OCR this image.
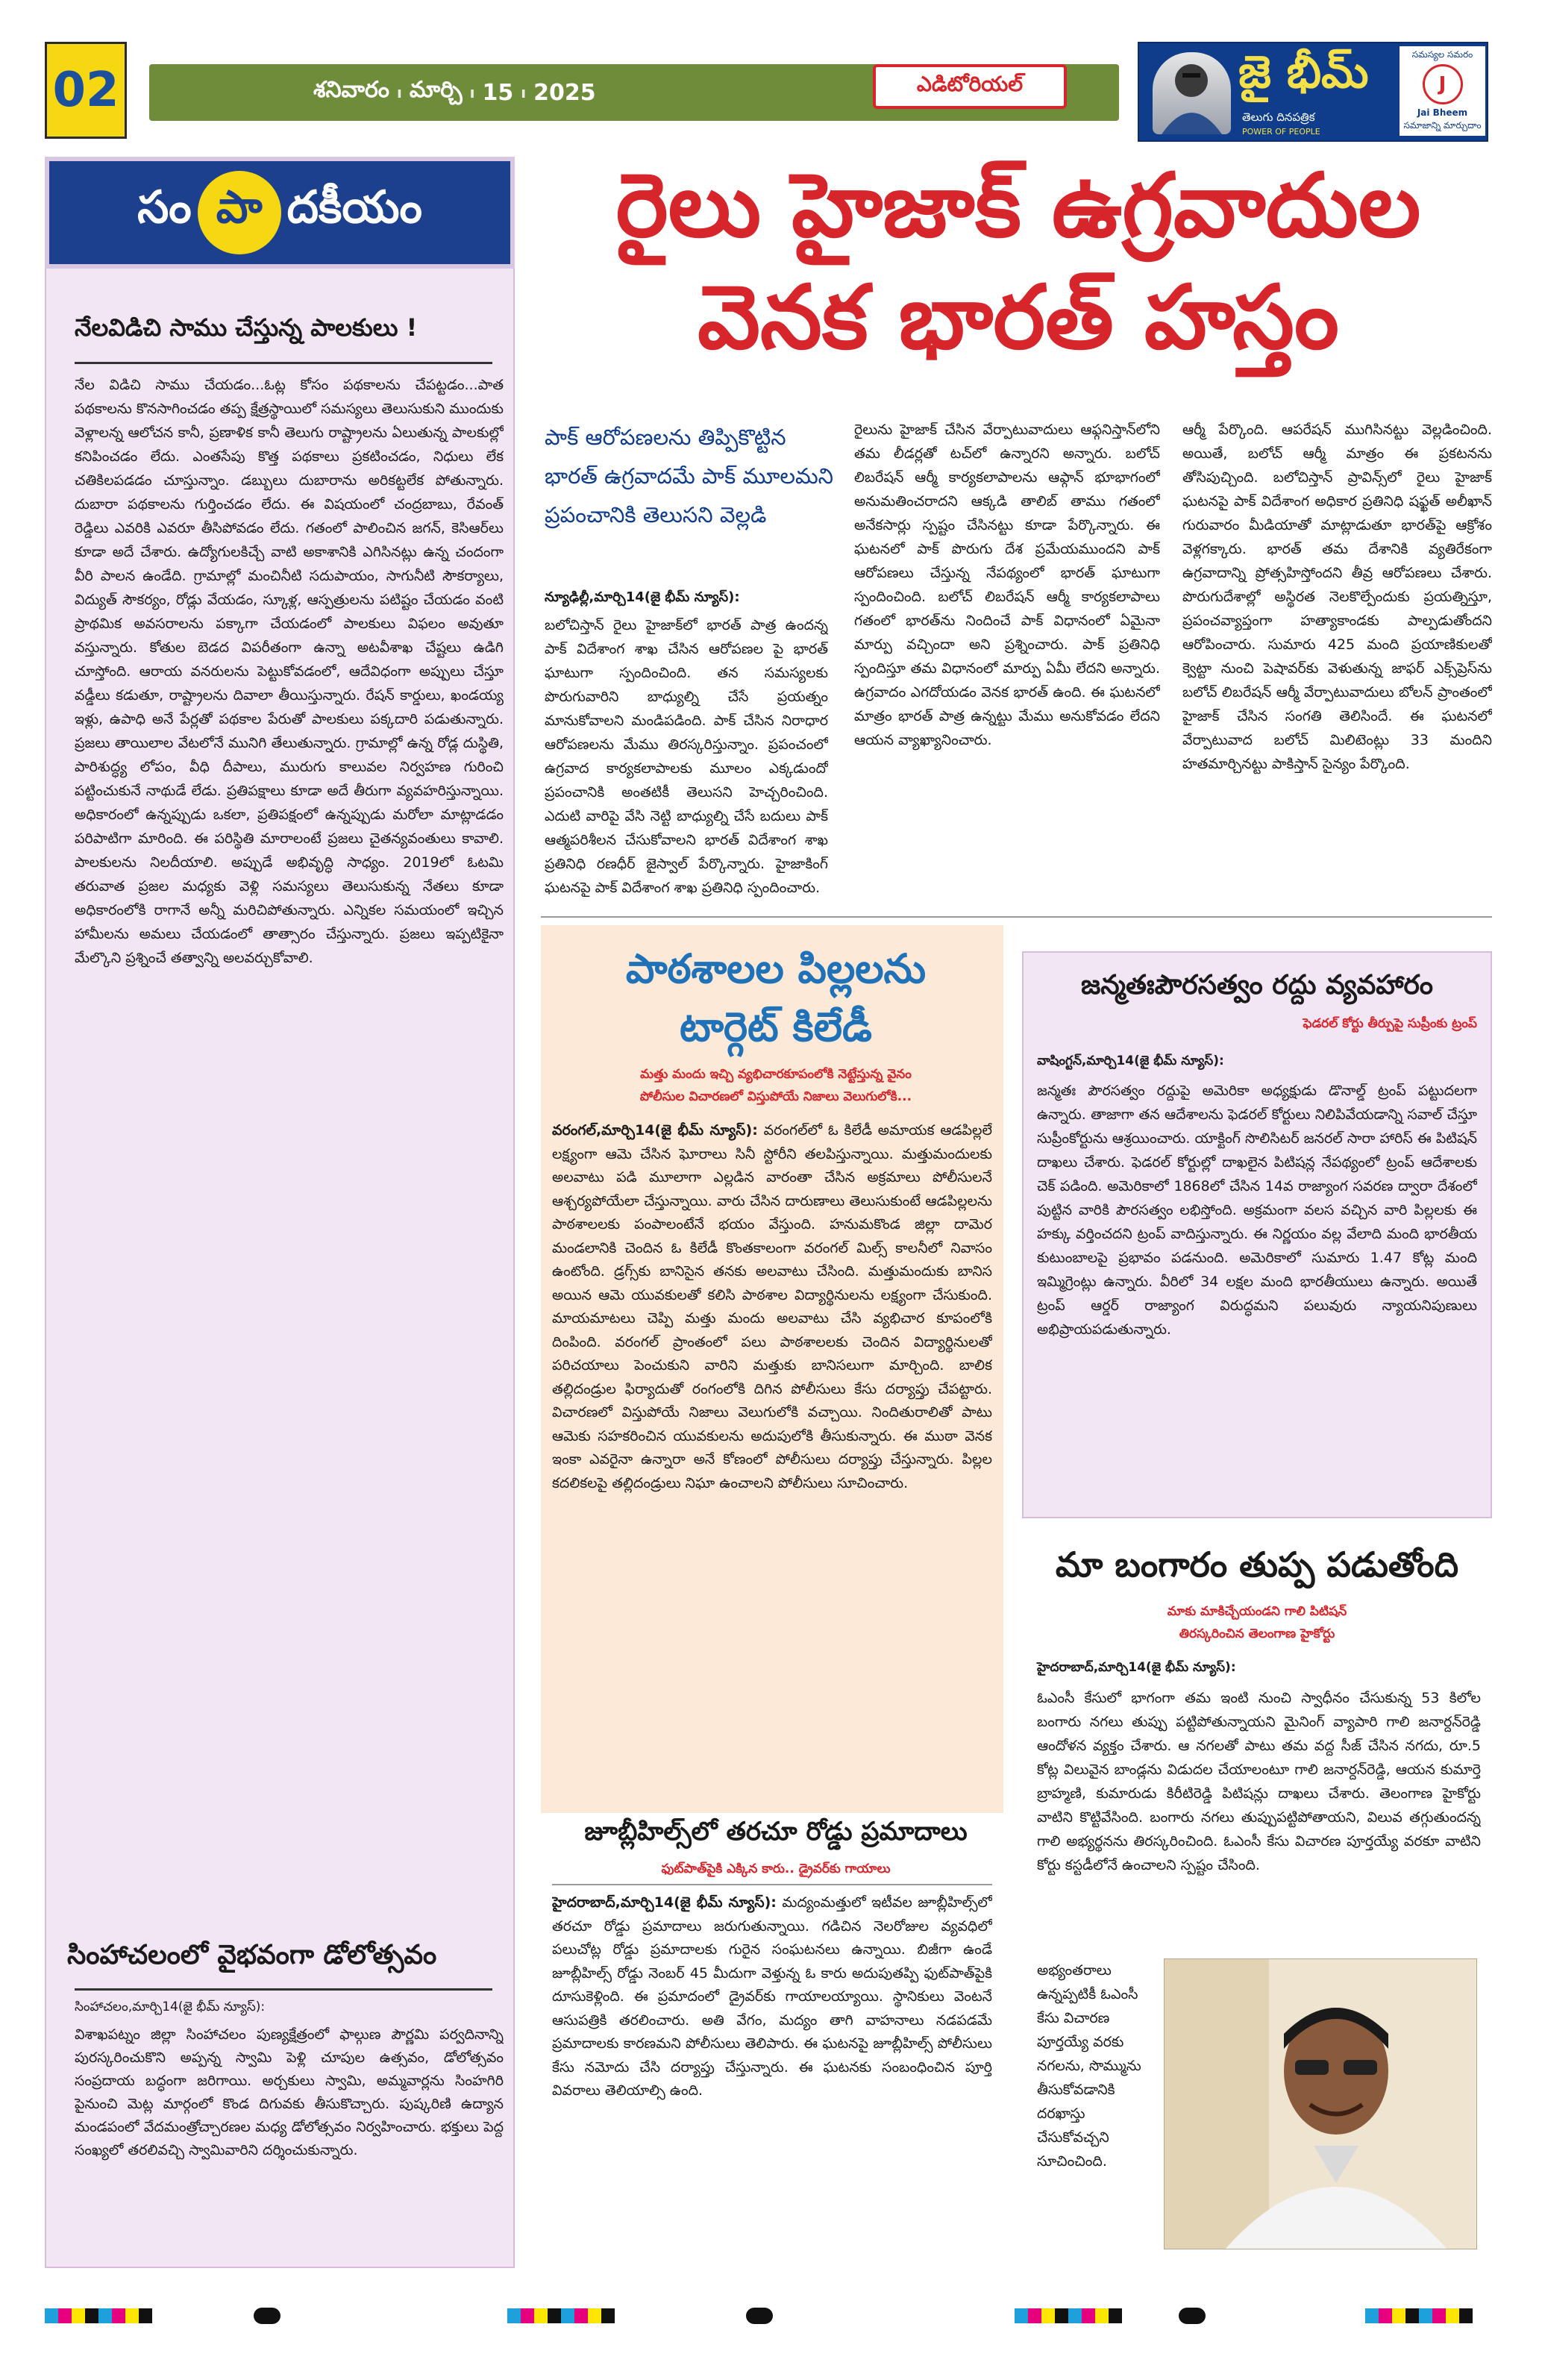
02	శనివారం ı మార్చి ı 15 ı 2025	ఎడిటోరియల్	జై భీమ్
తెలుగు దినపత్రిక
POWER OF PEOPLE
సమస్యల సమరం
J
Jai Bheem
సమాజాన్ని మార్చుదాం
సం పా దకీయం
నేలవిడిచి సాము చేస్తున్న పాలకులు !
నేల విడిచి సాము చేయడం...ఓట్ల కోసం పథకాలను చేపట్టడం...పాత పథకాలను కొనసాగించడం తప్ప క్షేత్రస్థాయిలో సమస్యలు తెలుసుకుని ముందుకు వెళ్లాలన్న ఆలోచన కానీ, ప్రణాళిక కానీ తెలుగు రాష్ట్రాలను ఏలుతున్న పాలకుల్లో కనిపించడం లేదు. ఎంతసేపు కొత్త పథకాలు ప్రకటించడం, నిధులు లేక చతికిలపడడం చూస్తున్నాం. డబ్బులు దుబారాను అరికట్టలేక పోతున్నారు. దుబారా పథకాలను గుర్తించడం లేదు. ఈ విషయంలో చంద్రబాబు, రేవంత్ రెడ్డిలు ఎవరికి ఎవరూ తీసిపోవడం లేదు. గతంలో పాలించిన జగన్, కెసిఆర్‌లు కూడా అదే చేశారు. ఉద్యోగులకిచ్చే వాటి అకాశానికి ఎగిసినట్లు ఉన్న చందంగా వీరి పాలన ఉండేది. గ్రామాల్లో మంచినీటి సదుపాయం, సాగునీటి సౌకర్యాలు, విద్యుత్ సౌకర్యం, రోడ్లు వేయడం, స్కూళ్ల, ఆస్పత్రులను పటిష్టం చేయడం వంటి ప్రాథమిక అవసరాలను పక్కాగా చేయడంలో పాలకులు విఫలం అవుతూ వస్తున్నారు. కోతుల బెడద విపరీతంగా ఉన్నా అటవీశాఖ చేష్టలు ఉడిగి చూస్తోంది. ఆరాయ వనరులను పెట్టుకోవడంలో, ఆదేవిధంగా అప్పులు చేస్తూ వడ్డీలు కడుతూ, రాష్ట్రాలను దివాలా తీయిస్తున్నారు. రేషన్ కార్డులు, ఖండయ్య ఇళ్లు, ఉపాధి అనే పేర్లతో పథకాల పేరుతో పాలకులు పక్కదారి పడుతున్నారు. ప్రజలు తాయిలాల వేటలోనే మునిగి తేలుతున్నారు. గ్రామాల్లో ఉన్న రోడ్ల దుస్థితి, పారిశుద్ధ్య లోపం, వీధి దీపాలు, మురుగు కాలువల నిర్వహణ గురించి పట్టించుకునే నాథుడే లేడు. ప్రతిపక్షాలు కూడా అదే తీరుగా వ్యవహరిస్తున్నాయి. అధికారంలో ఉన్నప్పుడు ఒకలా, ప్రతిపక్షంలో ఉన్నప్పుడు మరోలా మాట్లాడడం పరిపాటిగా మారింది. ఈ పరిస్థితి మారాలంటే ప్రజలు చైతన్యవంతులు కావాలి. పాలకులను నిలదీయాలి. అప్పుడే అభివృద్ధి సాధ్యం. 2019లో ఓటమి తరువాత ప్రజల మధ్యకు వెళ్లి సమస్యలు తెలుసుకున్న నేతలు కూడా అధికారంలోకి రాగానే అన్నీ మరిచిపోతున్నారు. ఎన్నికల సమయంలో ఇచ్చిన హామీలను అమలు చేయడంలో తాత్సారం చేస్తున్నారు. ప్రజలు ఇప్పటికైనా మేల్కొని ప్రశ్నించే తత్వాన్ని అలవర్చుకోవాలి.
సింహాచలంలో వైభవంగా డోలోత్సవం
సింహాచలం,మార్చి14(జై భీమ్ న్యూస్):
విశాఖపట్నం జిల్లా సింహాచలం పుణ్యక్షేత్రంలో ఫాల్గుణ పౌర్ణమి పర్వదినాన్ని పురస్కరించుకొని అప్పన్న స్వామి పెళ్లి చూపుల ఉత్సవం, డోలోత్సవం సంప్రదాయ బద్ధంగా జరిగాయి. అర్చకులు స్వామి, అమ్మవార్లను సింహగిరి పైనుంచి మెట్ల మార్గంలో కొండ దిగువకు తీసుకొచ్చారు. పుష్కరిణి ఉద్యాన మండపంలో వేదమంత్రోచ్చారణల మధ్య డోలోత్సవం నిర్వహించారు. భక్తులు పెద్ద సంఖ్యలో తరలివచ్చి స్వామివారిని దర్శించుకున్నారు.
రైలు హైజాక్ ఉగ్రవాదుల
వెనక భారత్ హస్తం
పాక్ ఆరోపణలను తిప్పికొట్టిన భారత్ ఉగ్రవాదమే పాక్ మూలమని ప్రపంచానికి తెలుసని వెల్లడి
న్యూఢిల్లీ,మార్చి14(జై భీమ్ న్యూస్):
బలోచిస్తాన్ రైలు హైజాక్‌లో భారత్ పాత్ర ఉందన్న పాక్ విదేశాంగ శాఖ చేసిన ఆరోపణల పై భారత్ ఘాటుగా స్పందించింది. తన సమస్యలకు పొరుగువారిని బాధ్యుల్ని చేసే ప్రయత్నం మానుకోవాలని మండిపడింది. పాక్ చేసిన నిరాధార ఆరోపణలను మేము తిరస్కరిస్తున్నాం. ప్రపంచంలో ఉగ్రవాద కార్యకలాపాలకు మూలం ఎక్కడుందో ప్రపంచానికి అంతటికీ తెలుసని హెచ్చరించింది. ఎదుటి వారిపై వేసి నెట్టి బాధ్యుల్ని చేసే బదులు పాక్ ఆత్మపరిశీలన చేసుకోవాలని భారత్ విదేశాంగ శాఖ ప్రతినిధి రణధీర్ జైస్వాల్ పేర్కొన్నారు. హైజాకింగ్ ఘటనపై పాక్ విదేశాంగ శాఖ ప్రతినిధి స్పందించారు.
రైలును హైజాక్ చేసిన వేర్పాటువాదులు ఆఫ్గనిస్తాన్‌లోని తమ లీడర్లతో టచ్‌లో ఉన్నారని అన్నారు. బలోచ్ లిబరేషన్ ఆర్మీ కార్యకలాపాలను ఆఫ్గాన్ భూభాగంలో అనుమతించరాదని ఆక్కడి తాలిబ్ తాము గతంలో అనేకసార్లు స్పష్టం చేసినట్టు కూడా పేర్కొన్నారు. ఈ ఘటనలో పాక్ పొరుగు దేశ ప్రమేయముందని పాక్ ఆరోపణలు చేస్తున్న నేపథ్యంలో భారత్ ఘాటుగా స్పందించింది. బలోచ్ లిబరేషన్ ఆర్మీ కార్యకలాపాలు గతంలో భారత్‌ను నిందించే పాక్ విధానంలో ఏమైనా మార్పు వచ్చిందా అని ప్రశ్నించారు. పాక్ ప్రతినిధి స్పందిస్తూ తమ విధానంలో మార్పు ఏమీ లేదని అన్నారు. ఉగ్రవాదం ఎగదోయడం వెనక భారత్ ఉంది. ఈ ఘటనలో మాత్రం భారత్ పాత్ర ఉన్నట్టు మేము అనుకోవడం లేదని ఆయన వ్యాఖ్యానించారు.
ఆర్మీ పేర్కొంది. ఆపరేషన్ ముగిసినట్టు వెల్లడించింది. అయితే, బలోచ్ ఆర్మీ మాత్రం ఈ ప్రకటనను తోసిపుచ్చింది. బలోచిస్తాన్ ప్రావిన్స్‌లో రైలు హైజాక్ ఘటనపై పాక్ విదేశాంగ అధికార ప్రతినిధి షఫ్ఖత్ అలీఖాన్ గురువారం మీడియాతో మాట్లాడుతూ భారత్‌పై ఆక్రోశం వెళ్లగక్కారు. భారత్ తమ దేశానికి వ్యతిరేకంగా ఉగ్రవాదాన్ని ప్రోత్సహిస్తోందని తీవ్ర ఆరోపణలు చేశారు. పొరుగుదేశాల్లో అస్థిరత నెలకొల్పేందుకు ప్రయత్నిస్తూ, ప్రపంచవ్యాప్తంగా హత్యాకాండకు పాల్పడుతోందని ఆరోపించారు. సుమారు 425 మంది ప్రయాణికులతో క్వెట్టా నుంచి పెషావర్‌కు వెళుతున్న జాఫర్ ఎక్స్‌ప్రెస్‌ను బలోచ్ లిబరేషన్ ఆర్మీ వేర్పాటువాదులు బోలన్ ప్రాంతంలో హైజాక్ చేసిన సంగతి తెలిసిందే. ఈ ఘటనలో వేర్పాటువాద బలోచ్ మిలిటెంట్లు 33 మందిని హతమార్చినట్టు పాకిస్తాన్ సైన్యం పేర్కొంది.
పాఠశాలల పిల్లలను
టార్గెట్ కిలేడీ
మత్తు మందు ఇచ్చి వ్యభిచారకూపంలోకి నెట్టేస్తున్న వైనం
పోలీసుల విచారణలో విస్తుపోయే నిజాలు వెలుగులోకి...
వరంగల్,మార్చి14(జై భీమ్ న్యూస్): వరంగల్‌లో ఓ కిలేడీ అమాయక ఆడపిల్లలే లక్ష్యంగా ఆమె చేసిన ఘోరాలు సినీ స్టోరీని తలపిస్తున్నాయి. మత్తుమందులకు అలవాటు పడి మూలాగా ఎల్లడిన వారంతా చేసిన అక్రమాలు పోలీసులనే ఆశ్చర్యపోయేలా చేస్తున్నాయి. వారు చేసిన దారుణాలు తెలుసుకుంటే ఆడపిల్లలను పాఠశాలలకు పంపాలంటేనే భయం వేస్తుంది. హనుమకొండ జిల్లా దామెర మండలానికి చెందిన ఓ కిలేడీ కొంతకాలంగా వరంగల్ మిల్స్ కాలనీలో నివాసం ఉంటోంది. డ్రగ్స్‌కు బానిసైన తనకు అలవాటు చేసింది. మత్తుమందుకు బానిస అయిన ఆమె యువకులతో కలిసి పాఠశాల విద్యార్థినులను లక్ష్యంగా చేసుకుంది. మాయమాటలు చెప్పి మత్తు మందు అలవాటు చేసి వ్యభిచార కూపంలోకి దింపింది. వరంగల్ ప్రాంతంలో పలు పాఠశాలలకు చెందిన విద్యార్థినులతో పరిచయాలు పెంచుకుని వారిని మత్తుకు బానిసలుగా మార్చింది. బాలిక తల్లిదండ్రుల ఫిర్యాదుతో రంగంలోకి దిగిన పోలీసులు కేసు దర్యాప్తు చేపట్టారు. విచారణలో విస్తుపోయే నిజాలు వెలుగులోకి వచ్చాయి. నిందితురాలితో పాటు ఆమెకు సహకరించిన యువకులను అదుపులోకి తీసుకున్నారు. ఈ ముఠా వెనక ఇంకా ఎవరైనా ఉన్నారా అనే కోణంలో పోలీసులు దర్యాప్తు చేస్తున్నారు. పిల్లల కదలికలపై తల్లిదండ్రులు నిఘా ఉంచాలని పోలీసులు సూచించారు.
జూబ్లీహిల్స్‌లో తరచూ రోడ్డు ప్రమాదాలు
ఫుట్‌పాత్‌పైకి ఎక్కిన కారు.. డ్రైవర్‌కు గాయాలు
హైదరాబాద్,మార్చి14(జై భీమ్ న్యూస్): మద్యంమత్తులో ఇటీవల జూబ్లీహిల్స్‌లో తరచూ రోడ్డు ప్రమాదాలు జరుగుతున్నాయి. గడిచిన నెలరోజుల వ్యవధిలో పలుచోట్ల రోడ్డు ప్రమాదాలకు గురైన సంఘటనలు ఉన్నాయి. బిజీగా ఉండే జూబ్లీహిల్స్ రోడ్డు నెంబర్ 45 మీదుగా వెళ్తున్న ఓ కారు అదుపుతప్పి ఫుట్‌పాత్‌పైకి దూసుకెళ్లింది. ఈ ప్రమాదంలో డ్రైవర్‌కు గాయాలయ్యాయి. స్థానికులు వెంటనే ఆసుపత్రికి తరలించారు. అతి వేగం, మద్యం తాగి వాహనాలు నడపడమే ప్రమాదాలకు కారణమని పోలీసులు తెలిపారు. ఈ ఘటనపై జూబ్లీహిల్స్ పోలీసులు కేసు నమోదు చేసి దర్యాప్తు చేస్తున్నారు. ఈ ఘటనకు సంబంధించిన పూర్తి వివరాలు తెలియాల్సి ఉంది.
జన్మతఃపౌరసత్వం రద్దు వ్యవహారం
ఫెడరల్ కోర్టు తీర్పుపై సుప్రీంకు ట్రంప్
వాషింగ్టన్,మార్చి14(జై భీమ్ న్యూస్):
జన్మతః పౌరసత్వం రద్దుపై అమెరికా అధ్యక్షుడు డొనాల్డ్ ట్రంప్ పట్టుదలగా ఉన్నారు. తాజాగా తన ఆదేశాలను ఫెడరల్ కోర్టులు నిలిపివేయడాన్ని సవాల్ చేస్తూ సుప్రీంకోర్టును ఆశ్రయించారు. యాక్టింగ్ సొలిసిటర్ జనరల్ సారా హారిస్ ఈ పిటిషన్ దాఖలు చేశారు. ఫెడరల్ కోర్టుల్లో దాఖలైన పిటిషన్ల నేపథ్యంలో ట్రంప్ ఆదేశాలకు చెక్ పడింది. అమెరికాలో 1868లో చేసిన 14వ రాజ్యాంగ సవరణ ద్వారా దేశంలో పుట్టిన వారికి పౌరసత్వం లభిస్తోంది. అక్రమంగా వలస వచ్చిన వారి పిల్లలకు ఈ హక్కు వర్తించదని ట్రంప్ వాదిస్తున్నారు. ఈ నిర్ణయం వల్ల వేలాది మంది భారతీయ కుటుంబాలపై ప్రభావం పడనుంది. అమెరికాలో సుమారు 1.47 కోట్ల మంది ఇమ్మిగ్రెంట్లు ఉన్నారు. వీరిలో 34 లక్షల మంది భారతీయులు ఉన్నారు. అయితే ట్రంప్ ఆర్డర్ రాజ్యాంగ విరుద్ధమని పలువురు న్యాయనిపుణులు అభిప్రాయపడుతున్నారు.
మా బంగారం తుప్ప పడుతోంది
మాకు మాకిచ్చేయండని గాలి పిటిషన్
తిరస్కరించిన తెలంగాణ హైకోర్టు
హైదరాబాద్,మార్చి14(జై భీమ్ న్యూస్):
ఓఎంసీ కేసులో భాగంగా తమ ఇంటి నుంచి స్వాధీనం చేసుకున్న 53 కిలోల బంగారు నగలు తుప్పు పట్టిపోతున్నాయని మైనింగ్ వ్యాపారి గాలి జనార్దన్‌రెడ్డి ఆందోళన వ్యక్తం చేశారు. ఆ నగలతో పాటు తమ వద్ద సీజ్ చేసిన నగదు, రూ.5 కోట్ల విలువైన బాండ్లను విడుదల చేయాలంటూ గాలి జనార్దన్‌రెడ్డి, ఆయన కుమార్తె బ్రాహ్మణి, కుమారుడు కిరీటిరెడ్డి పిటిషన్లు దాఖలు చేశారు. తెలంగాణ హైకోర్టు వాటిని కొట్టివేసింది. బంగారు నగలు తుప్పుపట్టిపోతాయని, విలువ తగ్గుతుందన్న గాలి అభ్యర్థనను తిరస్కరించింది. ఓఎంసీ కేసు విచారణ పూర్తయ్యే వరకూ వాటిని కోర్టు కస్టడీలోనే ఉంచాలని స్పష్టం చేసింది.
అభ్యంతరాలు ఉన్నప్పటికీ ఓఎంసీ కేసు విచారణ పూర్తయ్యే వరకు నగలను, సొమ్మును తీసుకోవడానికి దరఖాస్తు చేసుకోవచ్చని సూచించింది.
